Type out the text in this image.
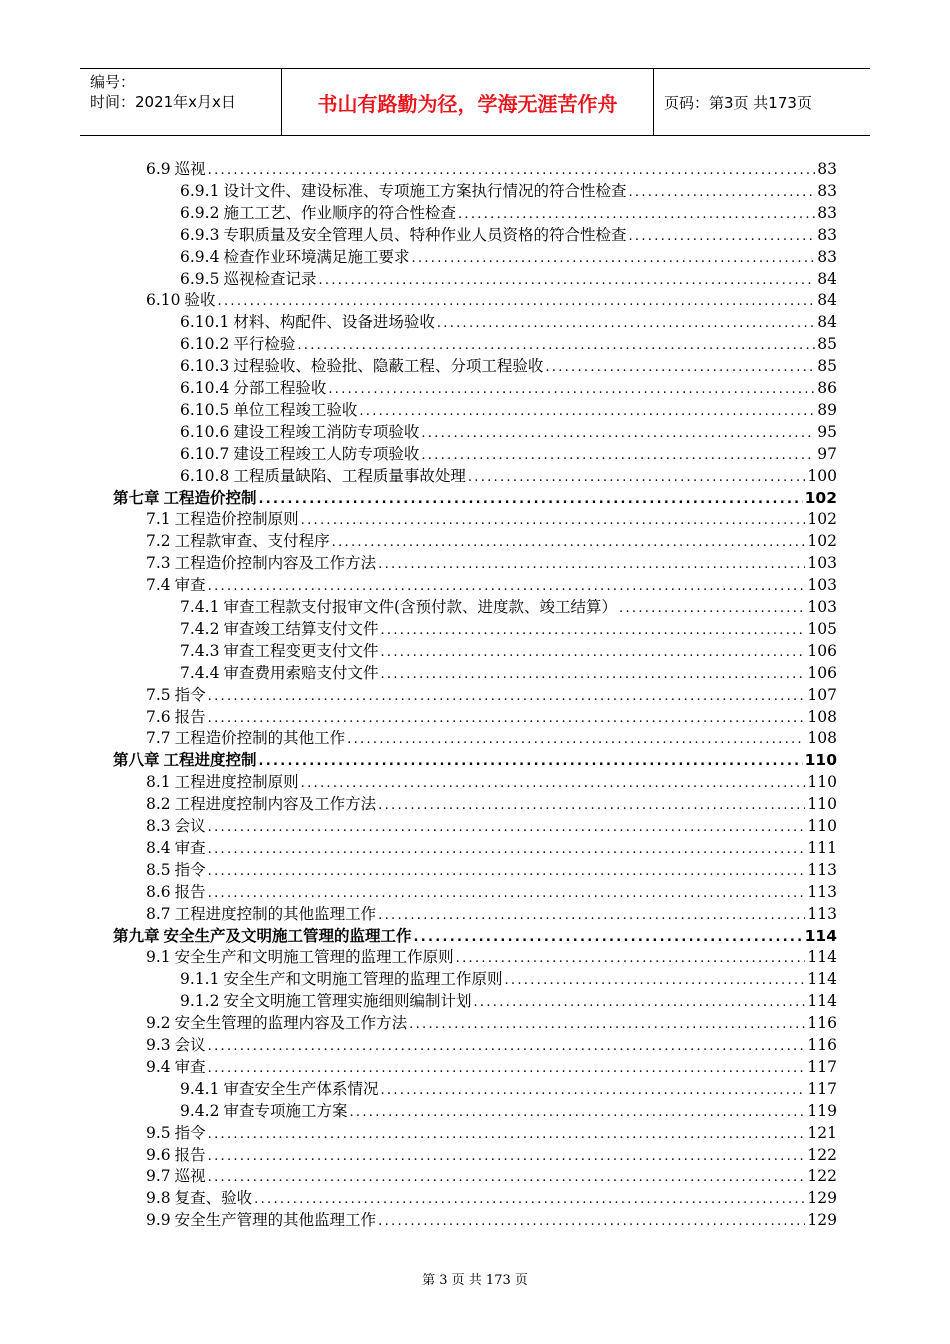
编号：
时间：2021年x月x日	书山有路勤为径，学海无涯苦作舟	页码：第3页 共173页
6.9 巡视 .....	83
6.9.1 设计文件、建设标准、专项施工方案执行情况的符合性检查 .....	83
6.9.2 施工工艺、作业顺序的符合性检查 .....	83
6.9.3 专职质量及安全管理人员、特种作业人员资格的符合性检查 .....	83
6.9.4 检查作业环境满足施工要求 .....	83
6.9.5 巡视检查记录 .....	84
6.10 验收 .....	84
6.10.1 材料、构配件、设备进场验收 .....	84
6.10.2 平行检验 .....	85
6.10.3 过程验收、检验批、隐蔽工程、分项工程验收 .....	85
6.10.4 分部工程验收 .....	86
6.10.5 单位工程竣工验收 .....	89
6.10.6 建设工程竣工消防专项验收 .....	95
6.10.7 建设工程竣工人防专项验收 .....	97
6.10.8 工程质量缺陷、工程质量事故处理 .....	100
第七章 工程造价控制 .....	102
7.1 工程造价控制原则 .....	102
7.2 工程款审查、支付程序 .....	102
7.3 工程造价控制内容及工作方法 .....	103
7.4 审查 .....	103
7.4.1 审查工程款支付报审文件(含预付款、进度款、竣工结算） .....	103
7.4.2 审查竣工结算支付文件 .....	105
7.4.3 审查工程变更支付文件 .....	106
7.4.4 审查费用索赔支付文件 .....	106
7.5 指令 .....	107
7.6 报告 .....	108
7.7 工程造价控制的其他工作 .....	108
第八章 工程进度控制 .....	110
8.1 工程进度控制原则 .....	110
8.2 工程进度控制内容及工作方法 .....	110
8.3 会议 .....	110
8.4 审查 .....	111
8.5 指令 .....	113
8.6 报告 .....	113
8.7 工程进度控制的其他监理工作 .....	113
第九章 安全生产及文明施工管理的监理工作 .....	114
9.1 安全生产和文明施工管理的监理工作原则 .....	114
9.1.1 安全生产和文明施工管理的监理工作原则 .....	114
9.1.2 安全文明施工管理实施细则编制计划 .....	114
9.2 安全生管理的监理内容及工作方法 .....	116
9.3 会议 .....	116
9.4 审查 .....	117
9.4.1 审查安全生产体系情况 .....	117
9.4.2 审查专项施工方案 .....	119
9.5 指令 .....	121
9.6 报告 .....	122
9.7 巡视 .....	122
9.8 复查、验收 .....	129
9.9 安全生产管理的其他监理工作 .....	129
第 3 页 共 173 页
